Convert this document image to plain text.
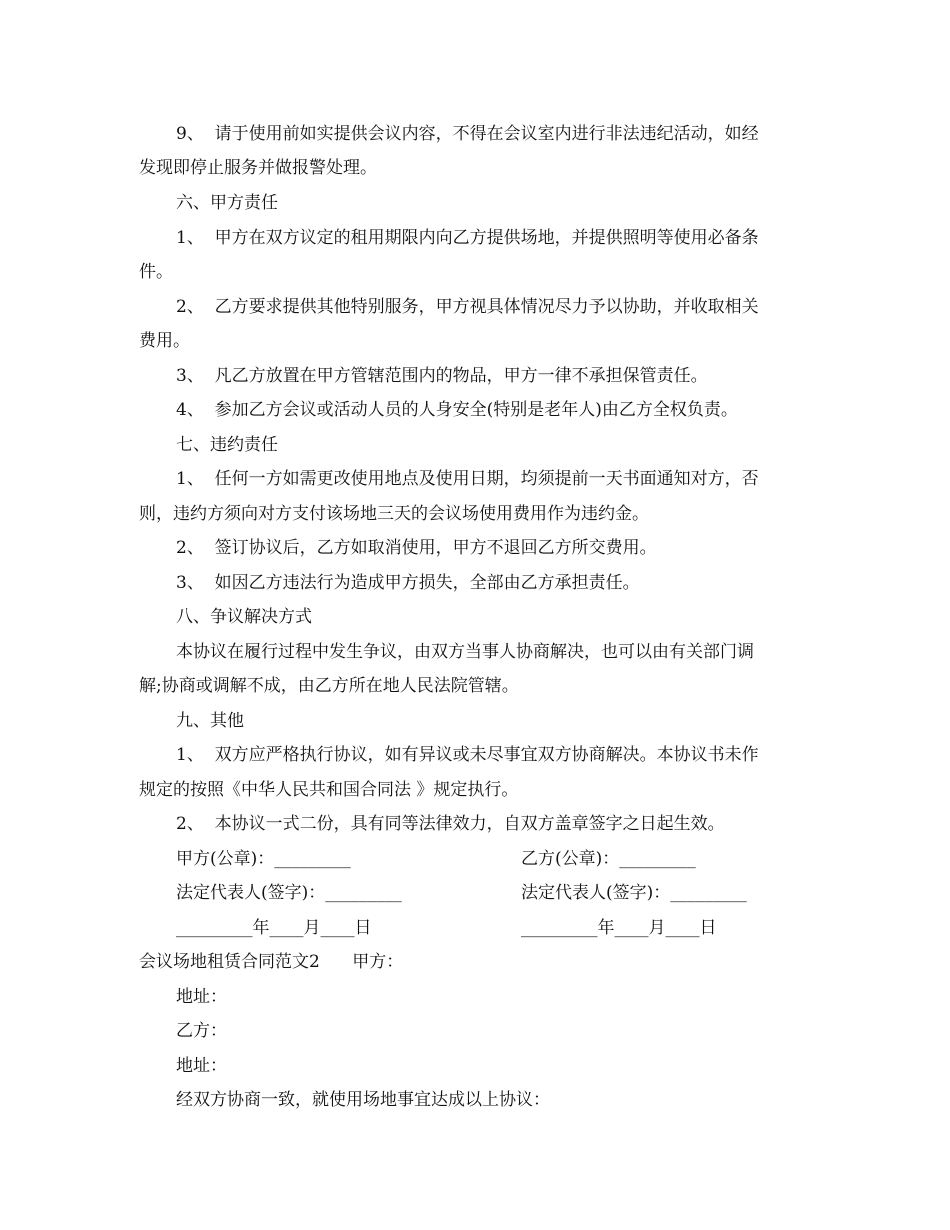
9、  请于使用前如实提供会议内容，不得在会议室内进行非法违纪活动，如经
发现即停止服务并做报警处理。
六、甲方责任
1、  甲方在双方议定的租用期限内向乙方提供场地，并提供照明等使用必备条
件。
2、  乙方要求提供其他特别服务，甲方视具体情况尽力予以协助，并收取相关
费用。
3、  凡乙方放置在甲方管辖范围内的物品，甲方一律不承担保管责任。
4、  参加乙方会议或活动人员的人身安全(特别是老年人)由乙方全权负责。
七、违约责任
1、  任何一方如需更改使用地点及使用日期，均须提前一天书面通知对方，否
则，违约方须向对方支付该场地三天的会议场使用费用作为违约金。
2、  签订协议后，乙方如取消使用，甲方不退回乙方所交费用。
3、  如因乙方违法行为造成甲方损失，全部由乙方承担责任。
八、争议解决方式
本协议在履行过程中发生争议，由双方当事人协商解决，也可以由有关部门调
解;协商或调解不成，由乙方所在地人民法院管辖。
九、其他
1、  双方应严格执行协议，如有异议或未尽事宜双方协商解决。本协议书未作
规定的按照《中华人民共和国合同法 》规定执行。
2、  本协议一式二份，具有同等法律效力，自双方盖章签字之日起生效。
甲方(公章)：_________	乙方(公章)：_________
法定代表人(签字)：_________	法定代表人(签字)：_________
_________年____月____日	_________年____月____日
会议场地租赁合同范文2      甲方：
地址：
乙方：
地址：
经双方协商一致，就使用场地事宜达成以上协议：
